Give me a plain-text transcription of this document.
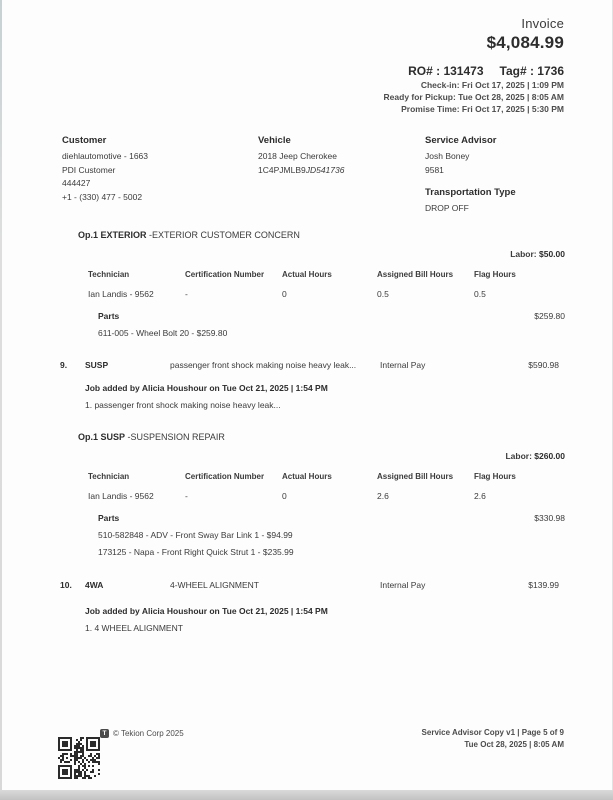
Invoice
$4,084.99
RO# : 131473 Tag# : 1736
Check-in: Fri Oct 17, 2025 | 1:09 PM
Ready for Pickup: Tue Oct 28, 2025 | 8:05 AM
Promise Time: Fri Oct 17, 2025 | 5:30 PM
Customer
diehlautomotive - 1663
PDI Customer
444427
+1 - (330) 477 - 5002
Vehicle
2018 Jeep Cherokee
1C4PJMLB9JD541736
Service Advisor
Josh Boney
9581
Transportation Type
DROP OFF
Op.1 EXTERIOR -EXTERIOR CUSTOMER CONCERN
Labor: $50.00
Technician	Certification Number	Actual Hours	Assigned Bill Hours	Flag Hours
Ian Landis - 9562	-	0	0.5	0.5
Parts	$259.80
611-005 - Wheel Bolt 20 - $259.80
9.	SUSP	passenger front shock making noise heavy leak...	Internal Pay	$590.98
Job added by Alicia Houshour on Tue Oct 21, 2025 | 1:54 PM
1. passenger front shock making noise heavy leak...
Op.1 SUSP -SUSPENSION REPAIR
Labor: $260.00
Technician	Certification Number	Actual Hours	Assigned Bill Hours	Flag Hours
Ian Landis - 9562	-	0	2.6	2.6
Parts	$330.98
510-582848 - ADV - Front Sway Bar Link 1 - $94.99
173125 - Napa - Front Right Quick Strut 1 - $235.99
10.	4WA	4-WHEEL ALIGNMENT	Internal Pay	$139.99
Job added by Alicia Houshour on Tue Oct 21, 2025 | 1:54 PM
1. 4 WHEEL ALIGNMENT
T © Tekion Corp 2025	Service Advisor Copy v1 | Page 5 of 9
Tue Oct 28, 2025 | 8:05 AM
